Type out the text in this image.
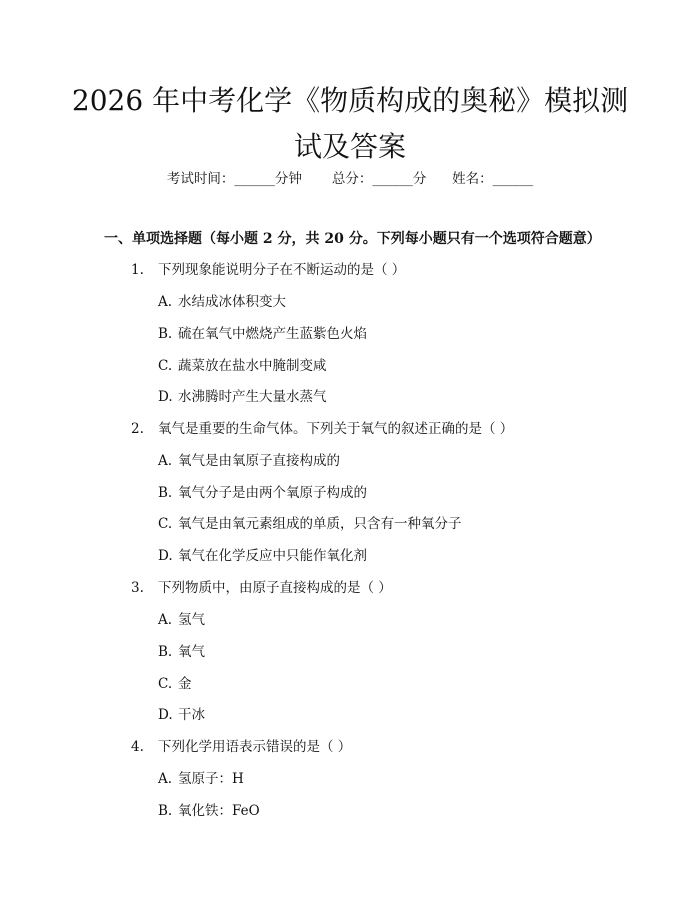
2026 年中考化学《物质构成的奥秘》模拟测
试及答案
考试时间：______分钟 总分：______分 姓名：______
一、单项选择题（每小题 2 分，共 20 分。下列每小题只有一个选项符合题意）
1. 下列现象能说明分子在不断运动的是（ ）
A. 水结成冰体积变大
B. 硫在氧气中燃烧产生蓝紫色火焰
C. 蔬菜放在盐水中腌制变咸
D. 水沸腾时产生大量水蒸气
2. 氧气是重要的生命气体。下列关于氧气的叙述正确的是（ ）
A. 氧气是由氧原子直接构成的
B. 氧气分子是由两个氧原子构成的
C. 氧气是由氧元素组成的单质，只含有一种氧分子
D. 氧气在化学反应中只能作氧化剂
3. 下列物质中，由原子直接构成的是（ ）
A. 氢气
B. 氧气
C. 金
D. 干冰
4. 下列化学用语表示错误的是（ ）
A. 氢原子：H
B. 氧化铁：FeO
